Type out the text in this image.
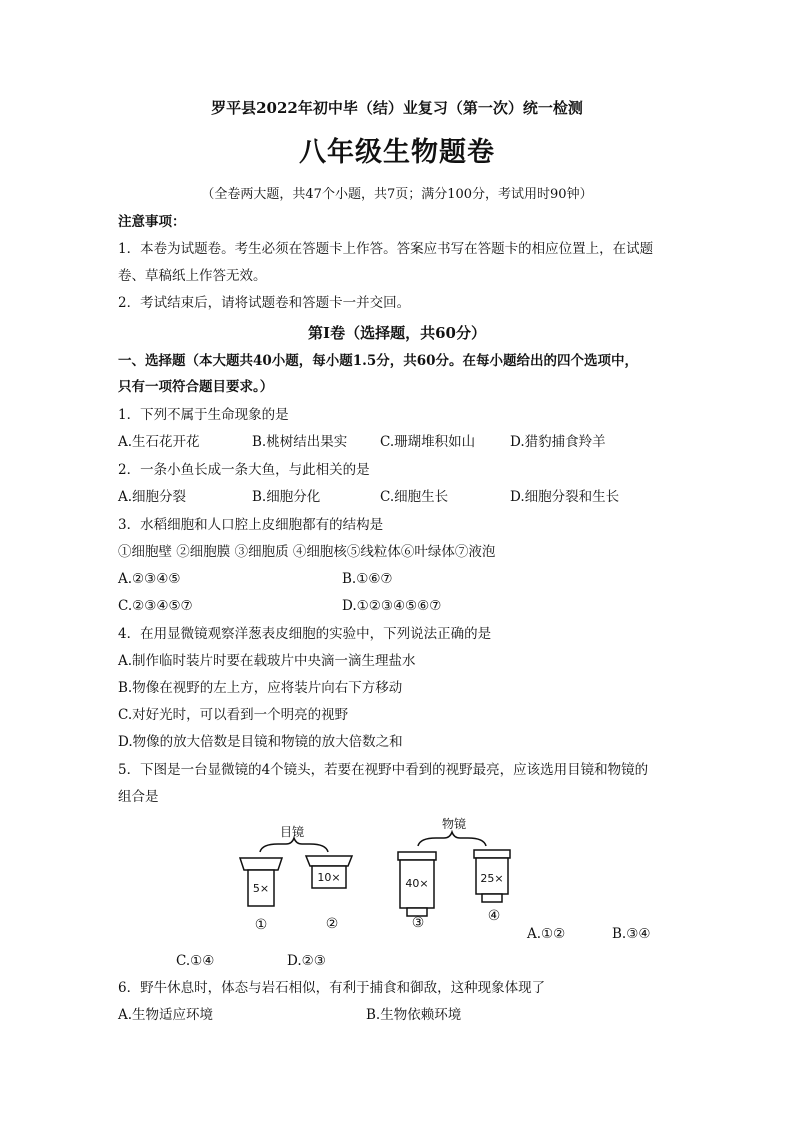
罗平县2022年初中毕（结）业复习（第一次）统一检测
八年级生物题卷
（全卷两大题，共47个小题，共7页；满分100分，考试用时90钟）
注意事项：
1．本卷为试题卷。考生必须在答题卡上作答。答案应书写在答题卡的相应位置上，在试题
卷、草稿纸上作答无效。
2．考试结束后，请将试题卷和答题卡一并交回。
第Ⅰ卷（选择题，共60分）
一、选择题（本大题共40小题，每小题1.5分，共60分。在每小题给出的四个选项中，
只有一项符合题目要求。）
1．下列不属于生命现象的是
A.生石花开花	B.桃树结出果实 C.珊瑚堆积如山	D.猎豹捕食羚羊
2．一条小鱼长成一条大鱼，与此相关的是
A.细胞分裂	B.细胞分化	C.细胞生长	D.细胞分裂和生长
3．水稻细胞和人口腔上皮细胞都有的结构是
①细胞壁 ②细胞膜 ③细胞质 ④细胞核⑤线粒体⑥叶绿体⑦液泡
A.②③④⑤	B.①⑥⑦
C.②③④⑤⑦	D.①②③④⑤⑥⑦
4．在用显微镜观察洋葱表皮细胞的实验中，下列说法正确的是
A.制作临时装片时要在载玻片中央滴一滴生理盐水
B.物像在视野的左上方，应将装片向右下方移动
C.对好光时，可以看到一个明亮的视野
D.物像的放大倍数是目镜和物镜的放大倍数之和
5．下图是一台显微镜的4个镜头，若要在视野中看到的视野最亮，应该选用目镜和物镜的
组合是
目镜
5×
①
10×
②
物镜
40×
③
25×
④
A.①②	B.③④
C.①④	D.②③
6．野牛休息时，体态与岩石相似，有利于捕食和御敌，这种现象体现了
A.生物适应环境	B.生物依赖环境
